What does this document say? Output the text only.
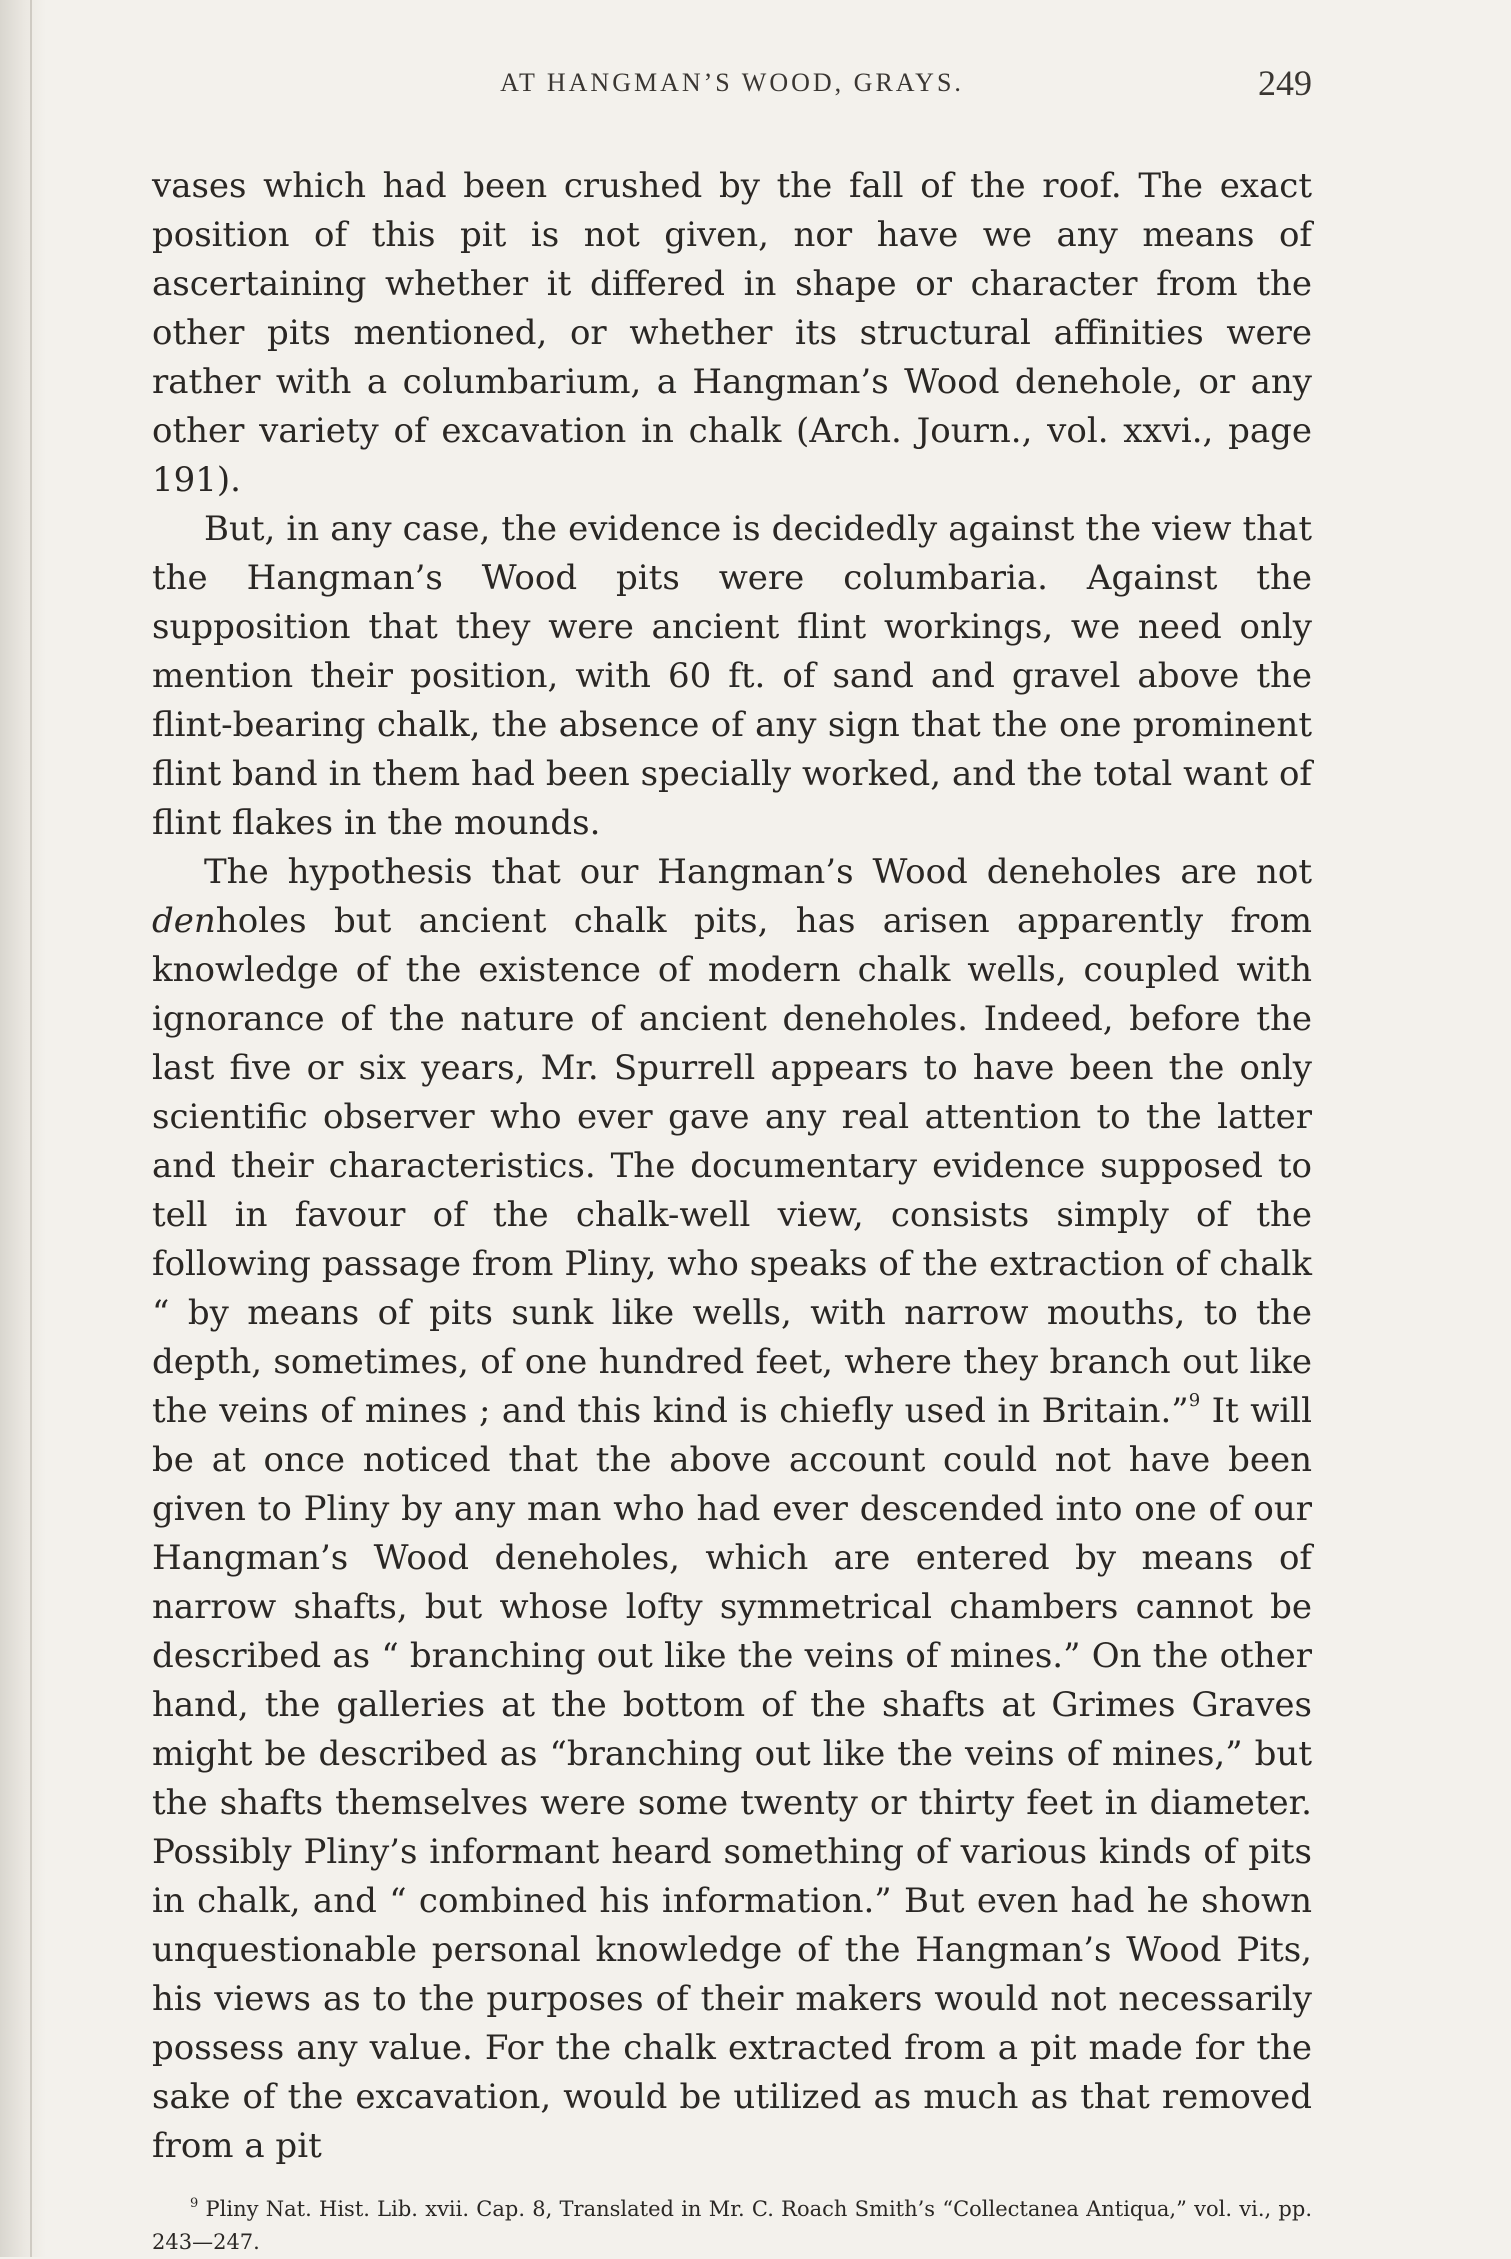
AT HANGMAN’S WOOD, GRAYS.	249

vases which had been crushed by the fall of the roof. The exact position of this pit is not given, nor have we any means of ascertaining whether it differed in shape or character from the other pits mentioned, or whether its structural affinities were rather with a columbarium, a Hangman’s Wood denehole, or any other variety of excavation in chalk (Arch. Journ., vol. xxvi., page 191).

But, in any case, the evidence is decidedly against the view that the Hangman’s Wood pits were columbaria. Against the supposition that they were ancient flint workings, we need only mention their position, with 60 ft. of sand and gravel above the flint-bearing chalk, the absence of any sign that the one prominent flint band in them had been specially worked, and the total want of flint flakes in the mounds.

The hypothesis that our Hangman’s Wood deneholes are not denholes but ancient chalk pits, has arisen apparently from knowledge of the existence of modern chalk wells, coupled with ignorance of the nature of ancient deneholes. Indeed, before the last five or six years, Mr. Spurrell appears to have been the only scientific observer who ever gave any real attention to the latter and their characteristics. The documentary evidence supposed to tell in favour of the chalk-well view, consists simply of the following passage from Pliny, who speaks of the extraction of chalk “ by means of pits sunk like wells, with narrow mouths, to the depth, sometimes, of one hundred feet, where they branch out like the veins of mines ; and this kind is chiefly used in Britain.”$^9$ It will be at once noticed that the above account could not have been given to Pliny by any man who had ever descended into one of our Hangman’s Wood deneholes, which are entered by means of narrow shafts, but whose lofty symmetrical chambers cannot be described as “ branching out like the veins of mines.” On the other hand, the galleries at the bottom of the shafts at Grimes Graves might be described as “branching out like the veins of mines,” but the shafts themselves were some twenty or thirty feet in diameter. Possibly Pliny’s informant heard something of various kinds of pits in chalk, and “ combined his information.” But even had he shown unquestionable personal knowledge of the Hangman’s Wood Pits, his views as to the purposes of their makers would not necessarily possess any value. For the chalk extracted from a pit made for the sake of the excavation, would be utilized as much as that removed from a pit

$^9$ Pliny Nat. Hist. Lib. xvii. Cap. 8, Translated in Mr. C. Roach Smith’s “Collectanea Antiqua,” vol. vi., pp. 243—247.
